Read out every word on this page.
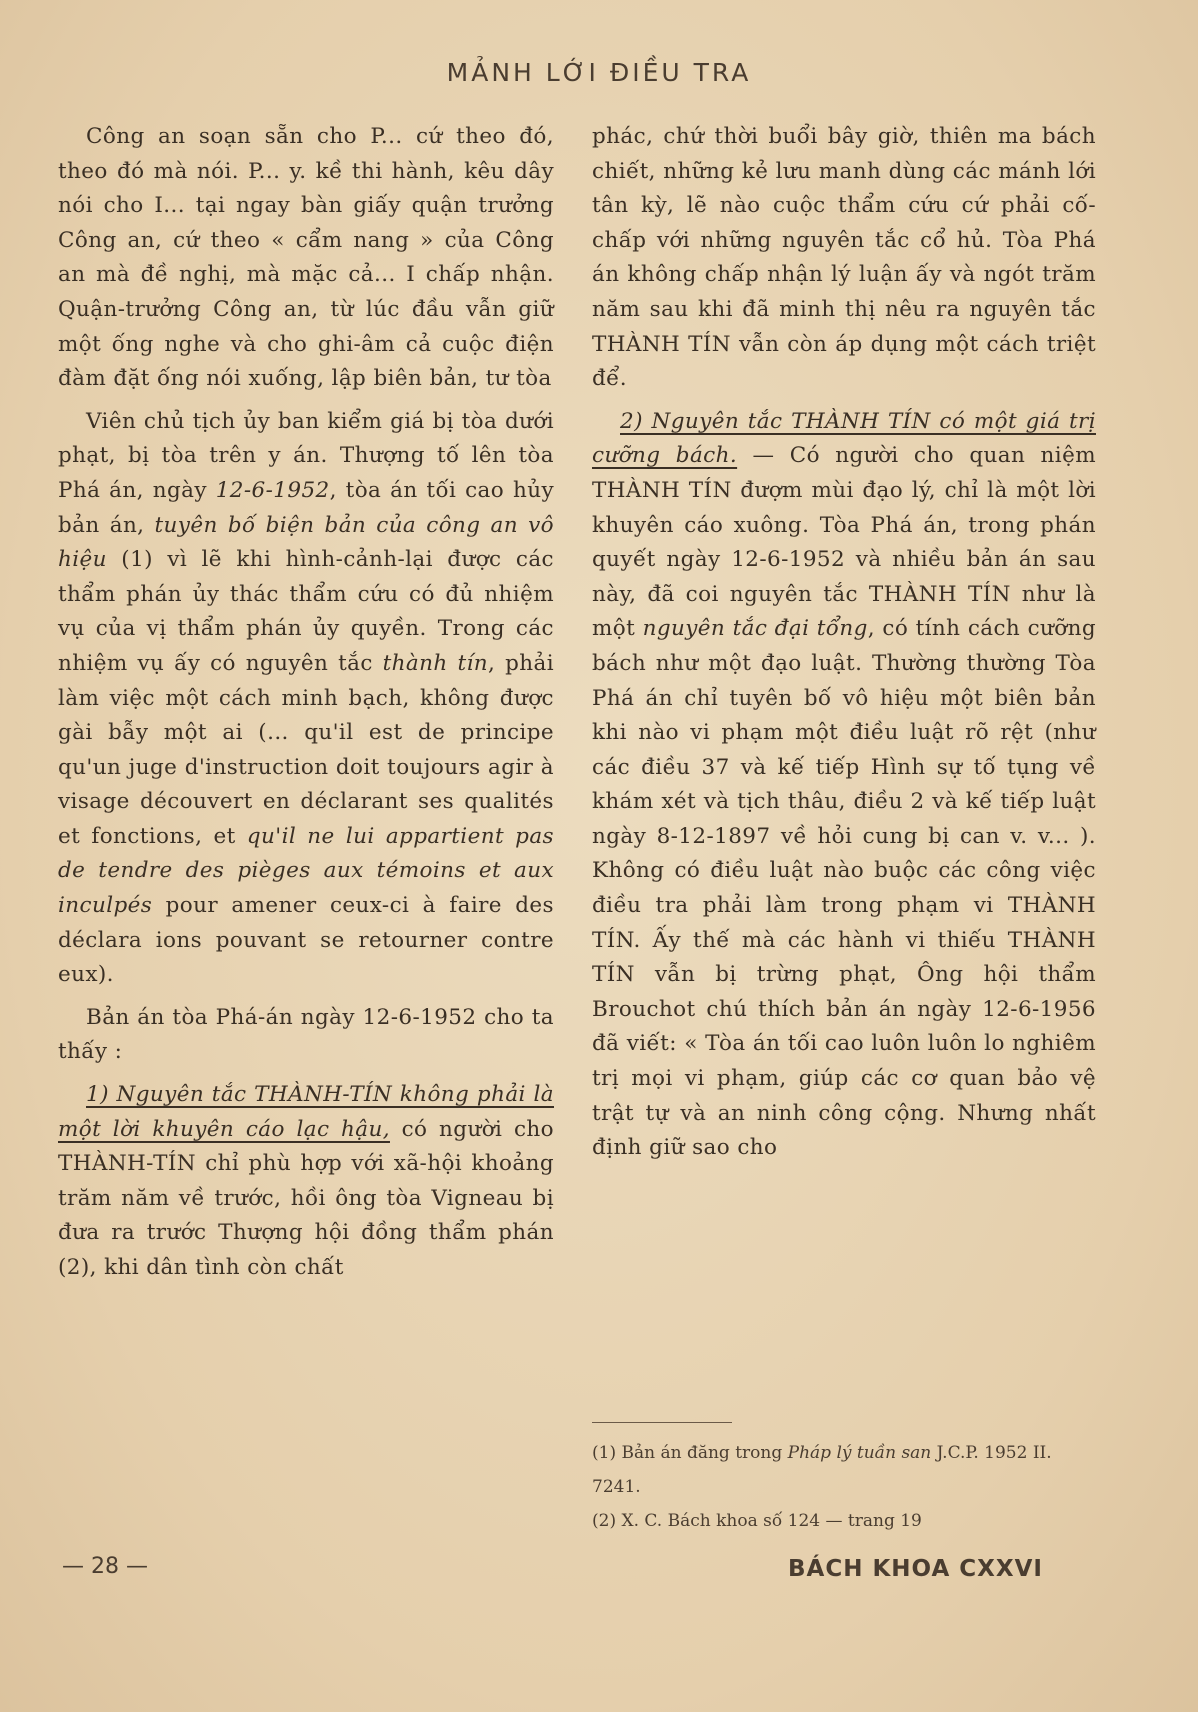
MẢNH LỚI ĐIỀU TRA

Công an soạn sẵn cho P... cứ theo đó, theo đó mà nói. P... y. kề thi hành, kêu dây nói cho I... tại ngay bàn giấy quận trưởng Công an, cứ theo « cẩm nang » của Công an mà đề nghị, mà mặc cả... I chấp nhận. Quận-trưởng Công an, từ lúc đầu vẫn giữ một ống nghe và cho ghi-âm cả cuộc điện đàm đặt ống nói xuống, lập biên bản, tư tòa

Viên chủ tịch ủy ban kiểm giá bị tòa dưới phạt, bị tòa trên y án. Thượng tố lên tòa Phá án, ngày 12-6-1952, tòa án tối cao hủy bản án, tuyên bố biện bản của công an vô hiệu (1) vì lẽ khi hình-cảnh-lại được các thẩm phán ủy thác thẩm cứu có đủ nhiệm vụ của vị thẩm phán ủy quyền. Trong các nhiệm vụ ấy có nguyên tắc thành tín, phải làm việc một cách minh bạch, không được gài bẫy một ai (... qu'il est de principe qu'un juge d'instruction doit toujours agir à visage découvert en déclarant ses qualités et fonctions, et qu'il ne lui appartient pas de tendre des pièges aux témoins et aux inculpés pour amener ceux-ci à faire des déclara ions pouvant se retourner contre eux).

Bản án tòa Phá-án ngày 12-6-1952 cho ta thấy :

1) Nguyên tắc THÀNH-TÍN không phải là một lời khuyên cáo lạc hậu, có người cho THÀNH-TÍN chỉ phù hợp với xã-hội khoảng trăm năm về trước, hồi ông tòa Vigneau bị đưa ra trước Thượng hội đồng thẩm phán (2), khi dân tình còn chất

phác, chứ thời buổi bây giờ, thiên ma bách chiết, những kẻ lưu manh dùng các mánh lới tân kỳ, lẽ nào cuộc thẩm cứu cứ phải cố-chấp với những nguyên tắc cổ hủ. Tòa Phá án không chấp nhận lý luận ấy và ngót trăm năm sau khi đã minh thị nêu ra nguyên tắc THÀNH TÍN vẫn còn áp dụng một cách triệt để.

2) Nguyên tắc THÀNH TÍN có một giá trị cưỡng bách. — Có người cho quan niệm THÀNH TÍN đượm mùi đạo lý, chỉ là một lời khuyên cáo xuông. Tòa Phá án, trong phán quyết ngày 12-6-1952 và nhiều bản án sau này, đã coi nguyên tắc THÀNH TÍN như là một nguyên tắc đại tổng, có tính cách cưỡng bách như một đạo luật. Thường thường Tòa Phá án chỉ tuyên bố vô hiệu một biên bản khi nào vi phạm một điều luật rõ rệt (như các điều 37 và kế tiếp Hình sự tố tụng về khám xét và tịch thâu, điều 2 và kế tiếp luật ngày 8-12-1897 về hỏi cung bị can v. v... ). Không có điều luật nào buộc các công việc điều tra phải làm trong phạm vi THÀNH TÍN. Ấy thế mà các hành vi thiếu THÀNH TÍN vẫn bị trừng phạt, Ông hội thẩm Brouchot chú thích bản án ngày 12-6-1956 đã viết: « Tòa án tối cao luôn luôn lo nghiêm trị mọi vi phạm, giúp các cơ quan bảo vệ trật tự và an ninh công cộng. Nhưng nhất định giữ sao cho

(1) Bản án đăng trong Pháp lý tuần san J.C.P. 1952 II. 7241.

(2) X. C. Bách khoa số 124 — trang 19

— 28 —	BÁCH KHOA CXXVI
